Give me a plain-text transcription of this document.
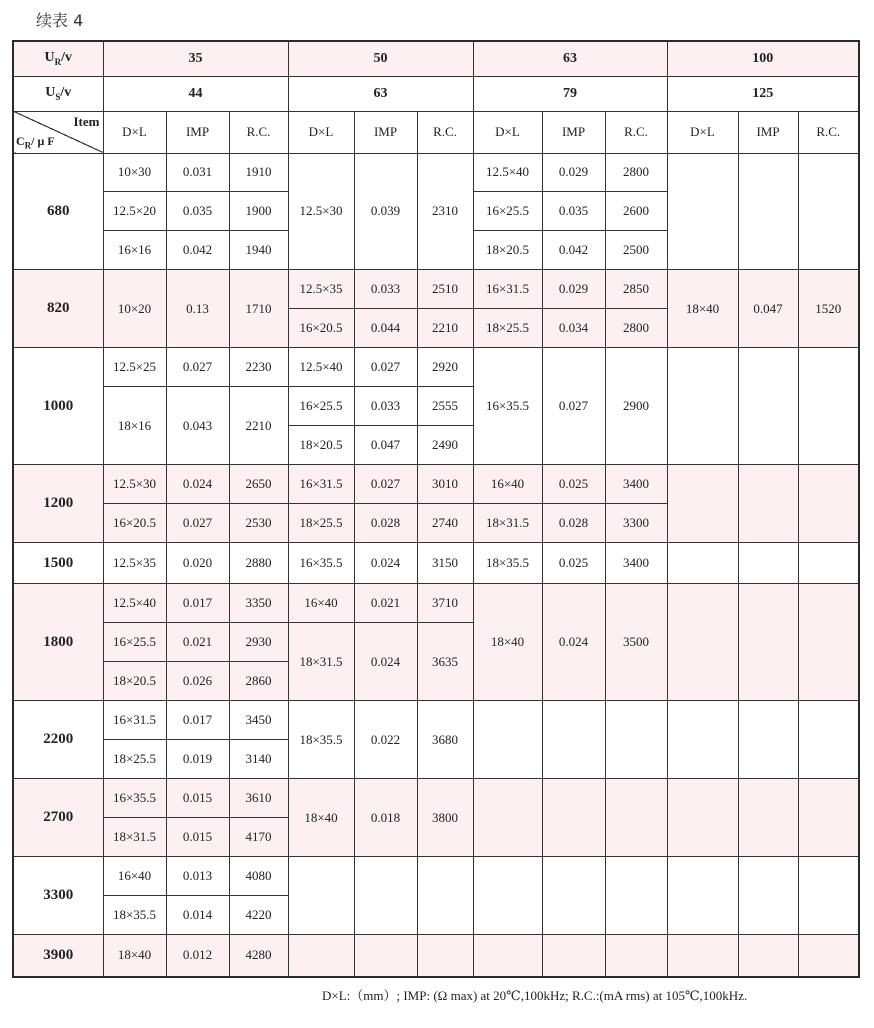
续表 4
$U_R/v$	35			50			63			100		
$U_S/v$	44			63			79			125		

Item
$C_R/$ μ F	D×L	IMP	R.C.	D×L	IMP	R.C.	D×L	IMP	R.C.	D×L	IMP	R.C.
680	10×30	0.031	1910	12.5×30	0.039	2310	12.5×40	0.029	2800			
	12.5×20	0.035	1900				16×25.5	0.035	2600			
	16×16	0.042	1940				18×20.5	0.042	2500			
820	10×20	0.13	1710	12.5×35	0.033	2510	16×31.5	0.029	2850	18×40	0.047	1520
				16×20.5	0.044	2210	18×25.5	0.034	2800			
1000	12.5×25	0.027	2230	12.5×40	0.027	2920	16×35.5	0.027	2900			
	18×16	0.043	2210	16×25.5	0.033	2555						
				18×20.5	0.047	2490						
1200	12.5×30	0.024	2650	16×31.5	0.027	3010	16×40	0.025	3400			
	16×20.5	0.027	2530	18×25.5	0.028	2740	18×31.5	0.028	3300			
1500	12.5×35	0.020	2880	16×35.5	0.024	3150	18×35.5	0.025	3400			
1800	12.5×40	0.017	3350	16×40	0.021	3710	18×40	0.024	3500			
	16×25.5	0.021	2930	18×31.5	0.024	3635						
	18×20.5	0.026	2860									
2200	16×31.5	0.017	3450	18×35.5	0.022	3680						
	18×25.5	0.019	3140									
2700	16×35.5	0.015	3610	18×40	0.018	3800						
	18×31.5	0.015	4170									
3300	16×40	0.013	4080									
	18×35.5	0.014	4220									
3900	18×40	0.012	4280									
D×L:（mm）; IMP: (Ω max) at 20℃,100kHz; R.C.:(mA rms) at 105℃,100kHz.
